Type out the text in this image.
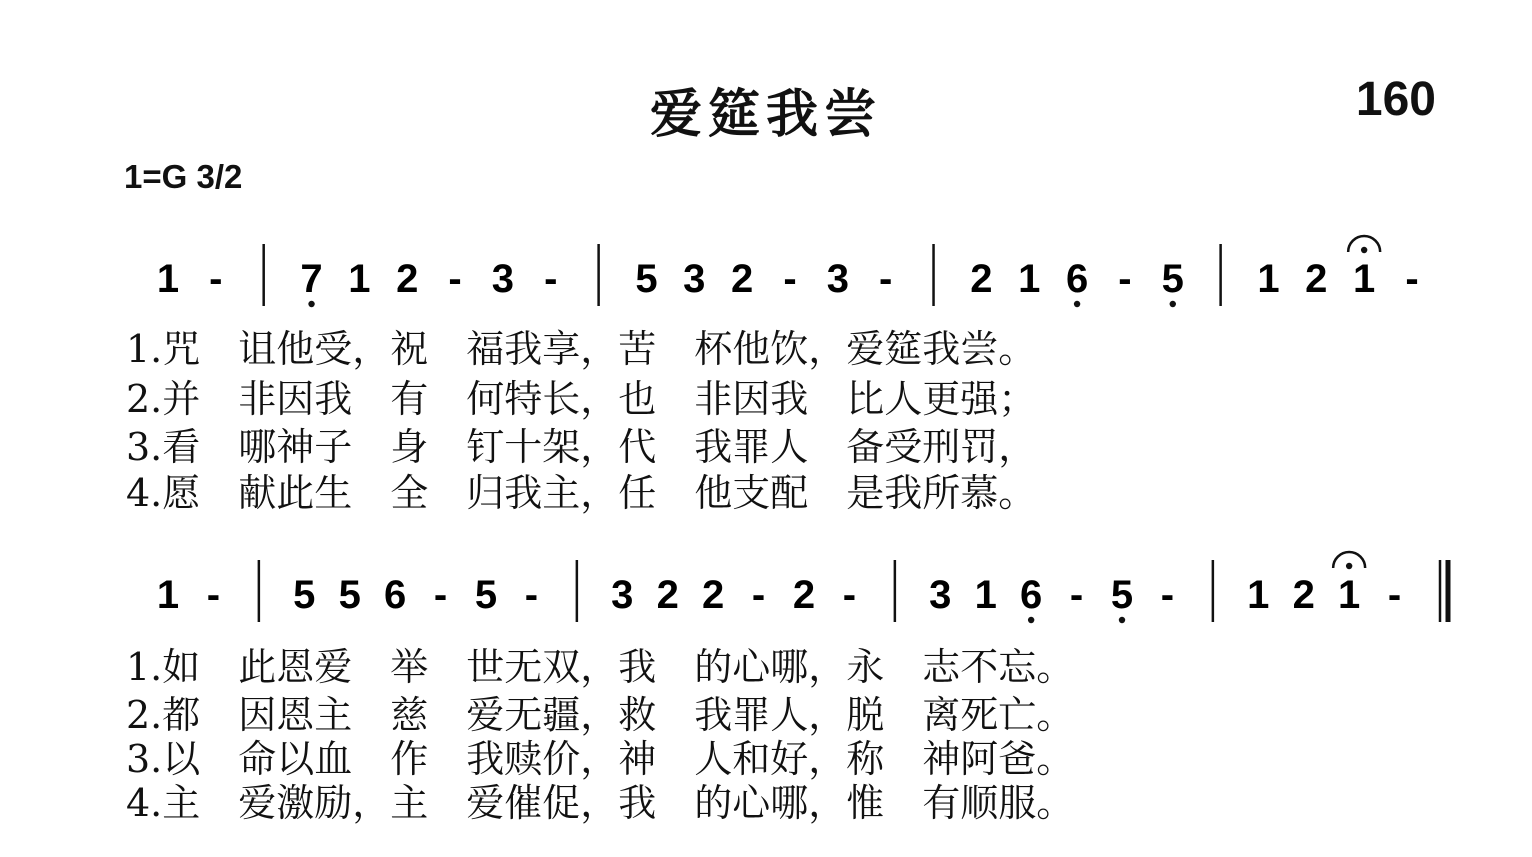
爱筵我尝	160
1=G 3/2
1 - 7 1 2 - 3 - 5 3 2 - 3 - 2 1 6 - 5 1 2 1 -
1 - 5 5 6 - 5 - 3 2 2 - 2 - 3 1 6 - 5 - 1 2 1 -
1.咒　诅他受，祝　福我享，苦　杯他饮，爱筵我尝。
2.并　非因我　有　何特长，也　非因我　比人更强；
3.看　哪神子　身　钉十架，代　我罪人　备受刑罚，
4.愿　献此生　全　归我主，任　他支配　是我所慕。
1.如　此恩爱　举　世无双，我　的心哪，永　志不忘。
2.都　因恩主　慈　爱无疆，救　我罪人，脱　离死亡。
3.以　命以血　作　我赎价，神　人和好，称　神阿爸。
4.主　爱激励，主　爱催促，我　的心哪，惟　有顺服。
